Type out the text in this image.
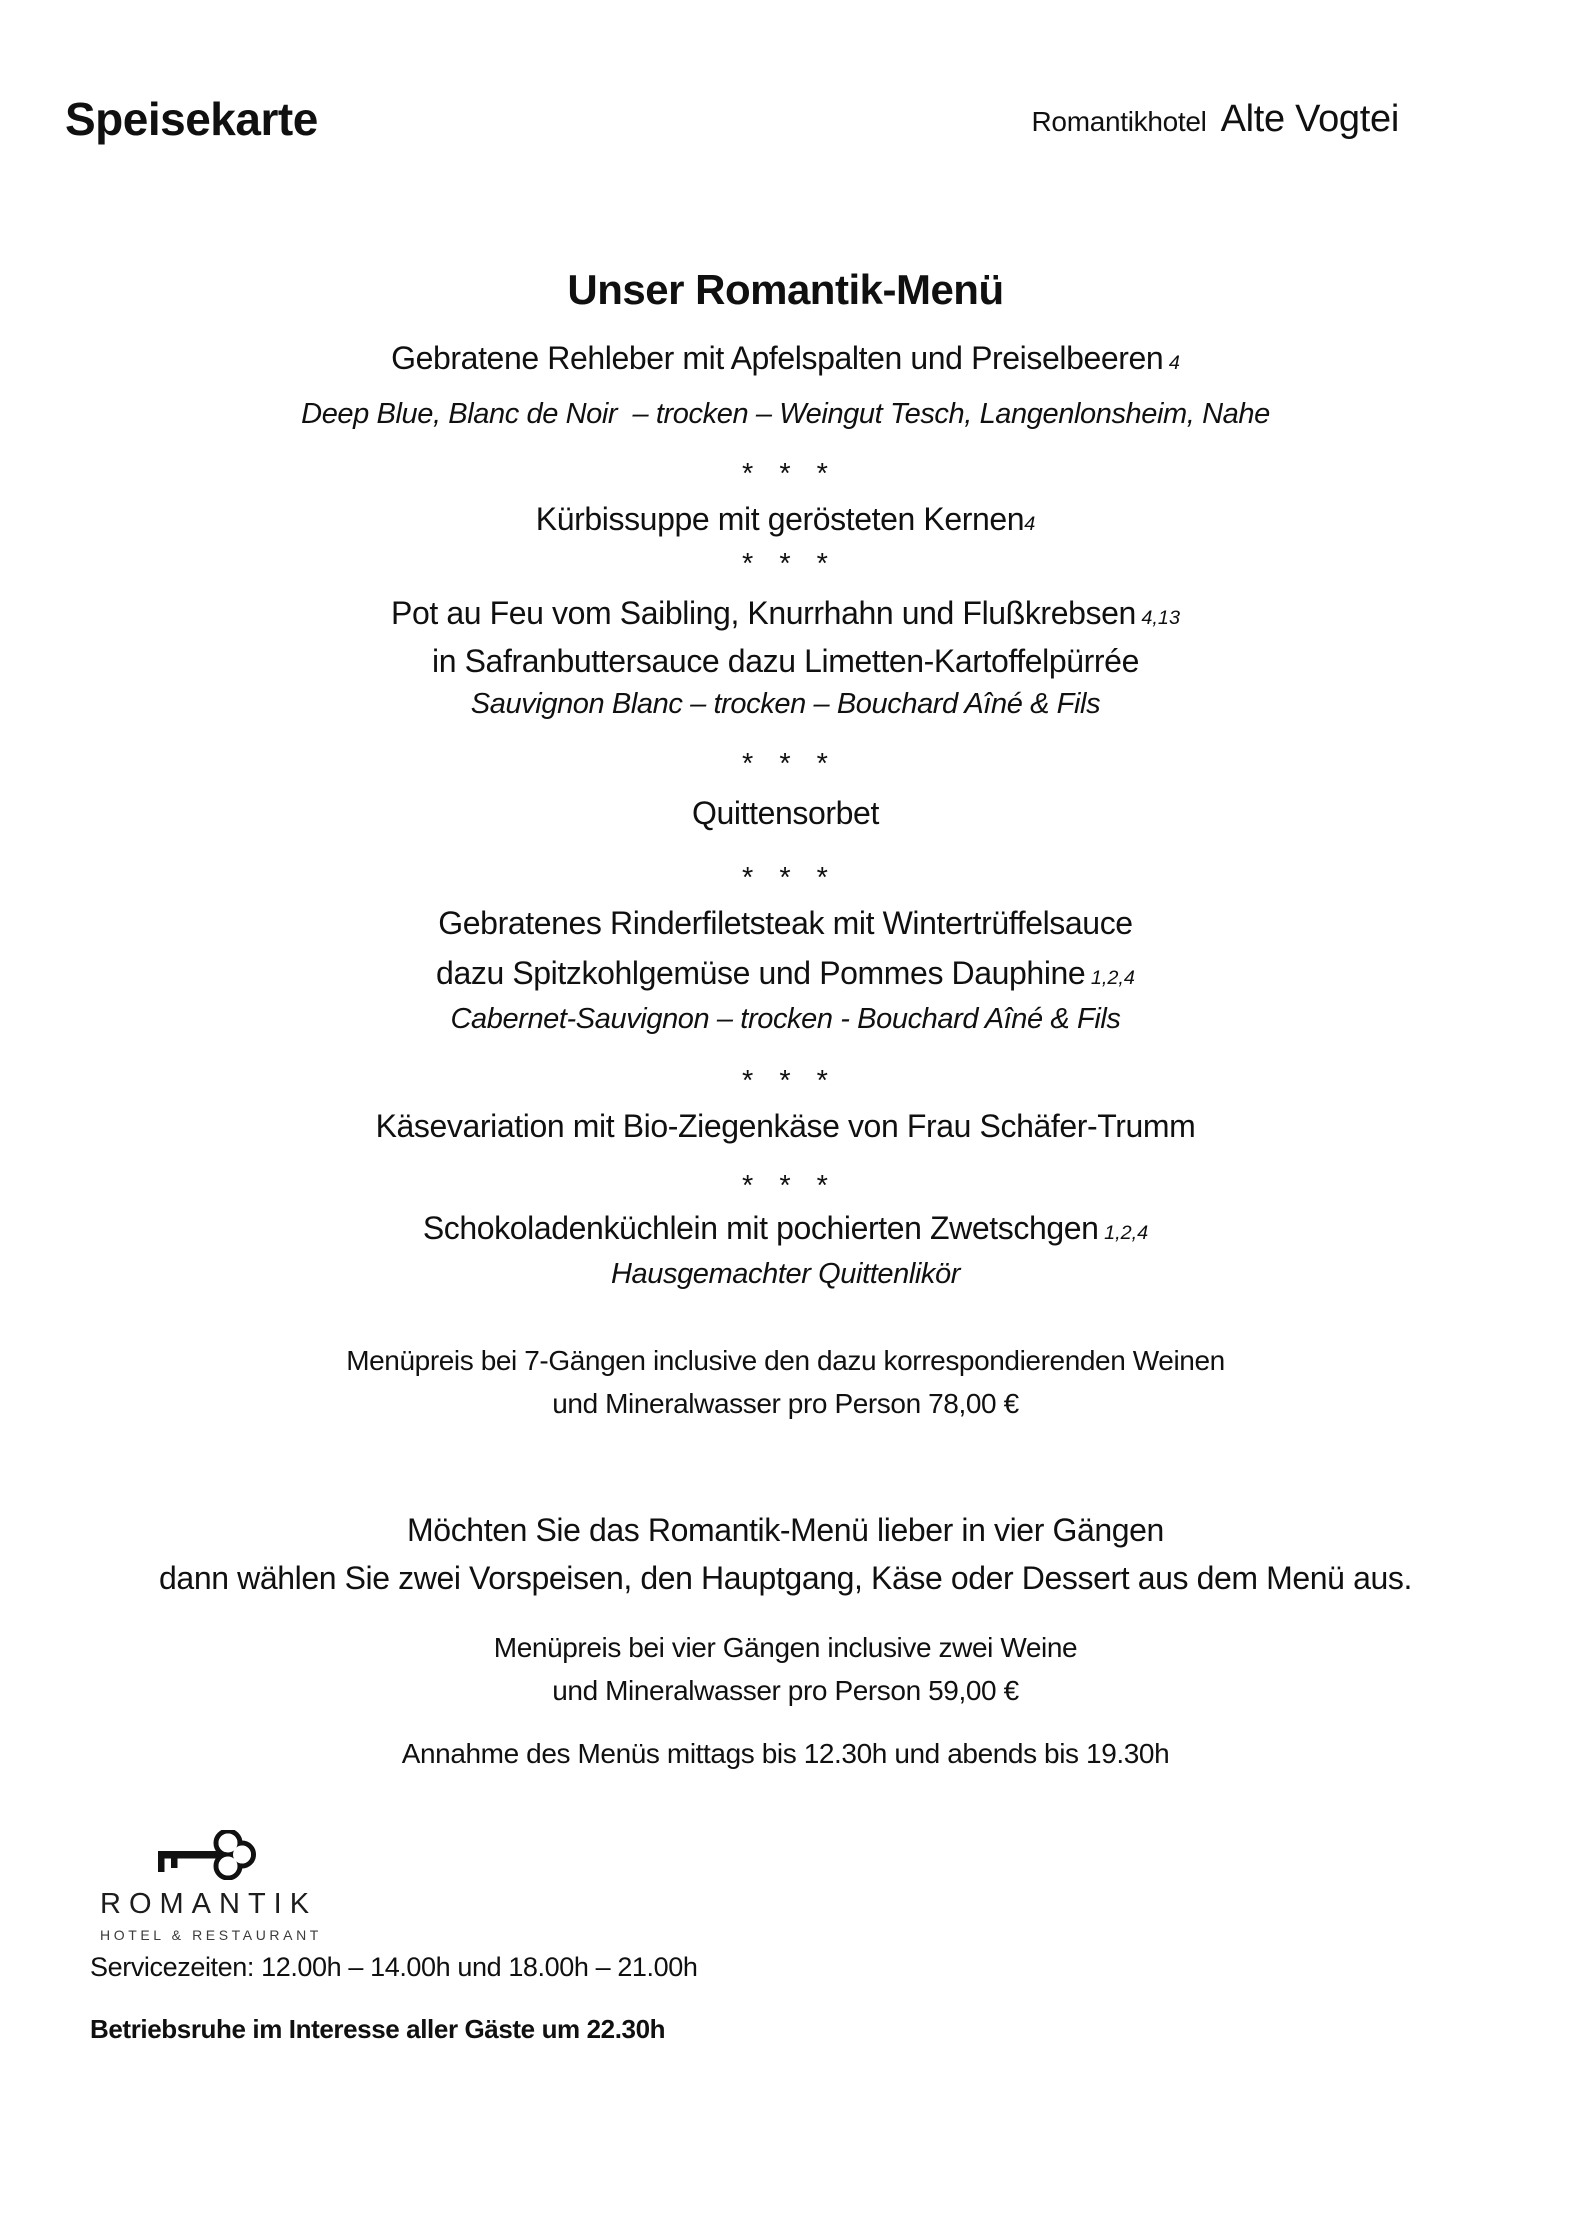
Speisekarte	Romantikhotel Alte Vogtei
Unser Romantik-Menü
Gebratene Rehleber mit Apfelspalten und Preiselbeeren 4
Deep Blue, Blanc de Noir  – trocken – Weingut Tesch, Langenlonsheim, Nahe
* * *
Kürbissuppe mit gerösteten Kernen4
* * *
Pot au Feu vom Saibling, Knurrhahn und Flußkrebsen 4,13
in Safranbuttersauce dazu Limetten-Kartoffelpürrée
Sauvignon Blanc – trocken – Bouchard Aîné & Fils
* * *
Quittensorbet
* * *
Gebratenes Rinderfiletsteak mit Wintertrüffelsauce
dazu Spitzkohlgemüse und Pommes Dauphine 1,2,4
Cabernet-Sauvignon – trocken - Bouchard Aîné & Fils
* * *
Käsevariation mit Bio-Ziegenkäse von Frau Schäfer-Trumm
* * *
Schokoladenküchlein mit pochierten Zwetschgen 1,2,4
Hausgemachter Quittenlikör
Menüpreis bei 7-Gängen inclusive den dazu korrespondierenden Weinen
und Mineralwasser pro Person 78,00 €
Möchten Sie das Romantik-Menü lieber in vier Gängen
dann wählen Sie zwei Vorspeisen, den Hauptgang, Käse oder Dessert aus dem Menü aus.
Menüpreis bei vier Gängen inclusive zwei Weine
und Mineralwasser pro Person 59,00 €
Annahme des Menüs mittags bis 12.30h und abends bis 19.30h
ROMANTIK
HOTEL & RESTAURANT
Servicezeiten: 12.00h – 14.00h und 18.00h – 21.00h
Betriebsruhe im Interesse aller Gäste um 22.30h
